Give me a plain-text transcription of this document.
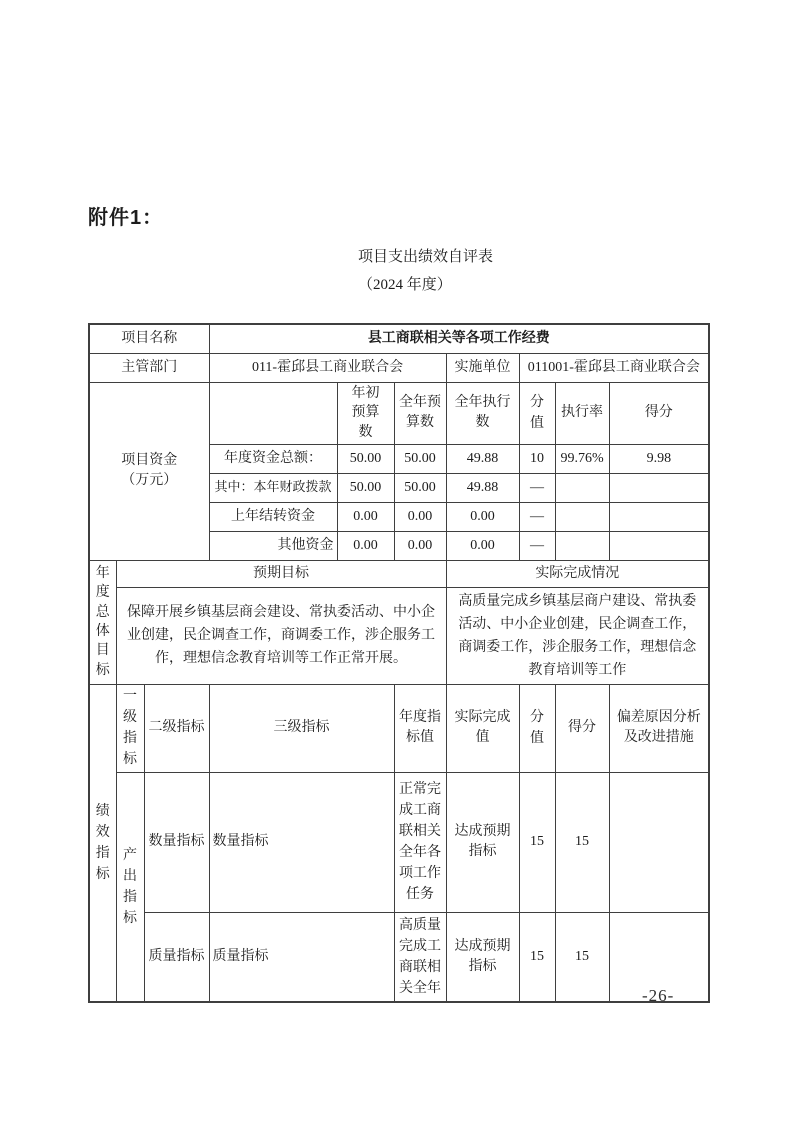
附件1：
项目支出绩效自评表
（2024 年度）
项目名称			县工商联相关等各项工作经费						
主管部门			011-霍邱县工商业联合会			实施单位	011001-霍邱县工商业联合会		

项目资金
（万元）				年初预算数	全年预算数	全年执行数	分值	执行率	得分
			年度资金总额：	50.00	50.00	49.88	10	99.76%	9.98
			其中：本年财政拨款	50.00	50.00	49.88	—		
			上年结转资金	0.00	0.00	0.00	—		
			其他资金	0.00	0.00	0.00	—		

年度总体目标	预期目标					实际完成情况			
	保障开展乡镇基层商会建设、常执委活动、中小企业创建，民企调查工作，商调委工作，涉企服务工作，理想信念教育培训等工作正常开展。					高质量完成乡镇基层商户建设、常执委活动、中小企业创建，民企调查工作，商调委工作，涉企服务工作，理想信念教育培训等工作			

绩效指标	一级指标	二级指标	三级指标		年度指标值	实际完成值	分值	得分	偏差原因分析及改进措施

	产出指标	数量指标	数量指标		正常完成工商联相关全年各项工作任务	达成预期指标	15	15	
		质量指标	质量指标		高质量完成工商联相关全年	达成预期指标	15	15	
-26-
